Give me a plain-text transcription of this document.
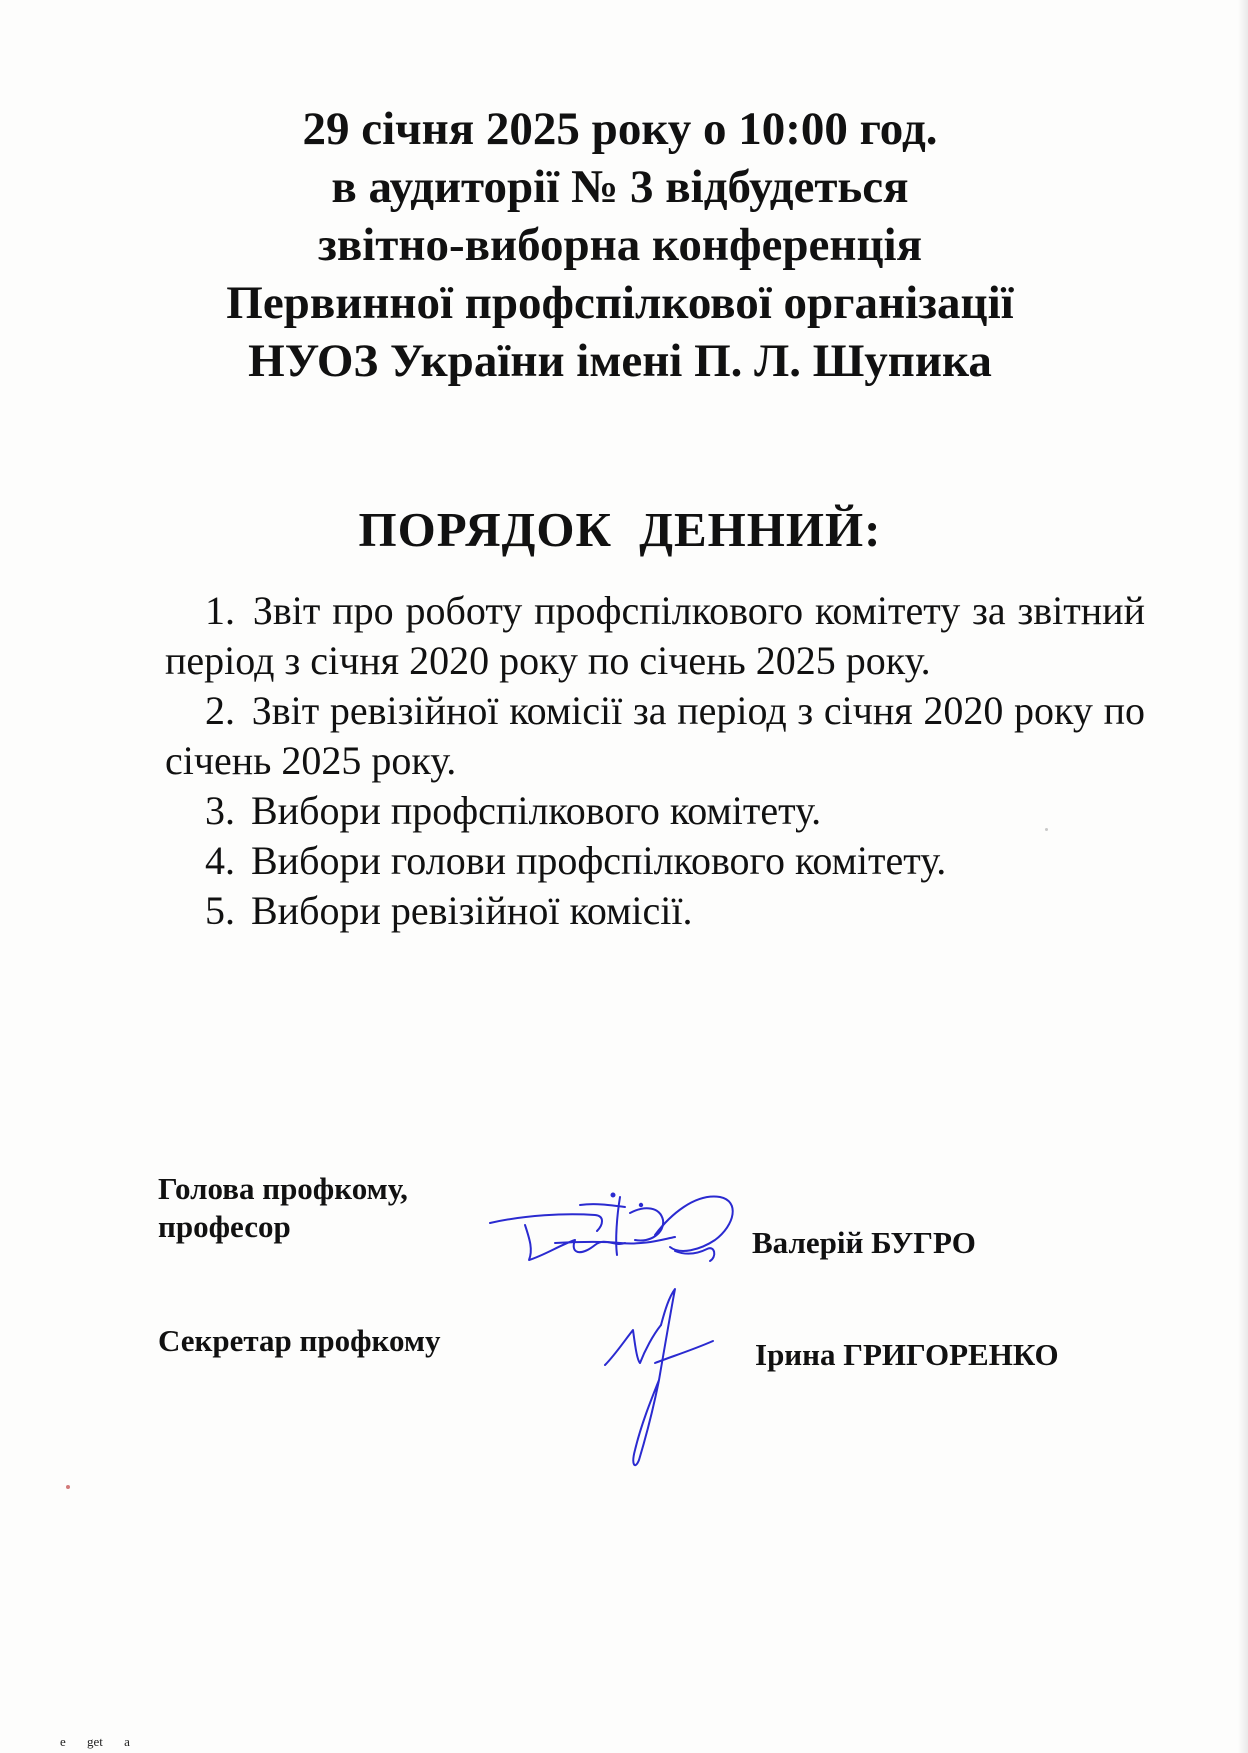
29 січня 2025 року о 10:00 год.
в аудиторії № 3 відбудеться
звітно-виборна конференція
Первинної профспілкової організації
НУОЗ України імені П. Л. Шупика
ПОРЯДОК ДЕННИЙ:
1. Звіт про роботу профспілкового комітету за звітний період з січня 2020 року по січень 2025 року.
2. Звіт ревізійної комісії за період з січня 2020 року по січень 2025 року.
3. Вибори профспілкового комітету.
4. Вибори голови профспілкового комітету.
5. Вибори ревізійної комісії.

Голова профкому,
професор	Валерій БУГРО

Секретар профкому	Ірина ГРИГОРЕНКО

e get a
